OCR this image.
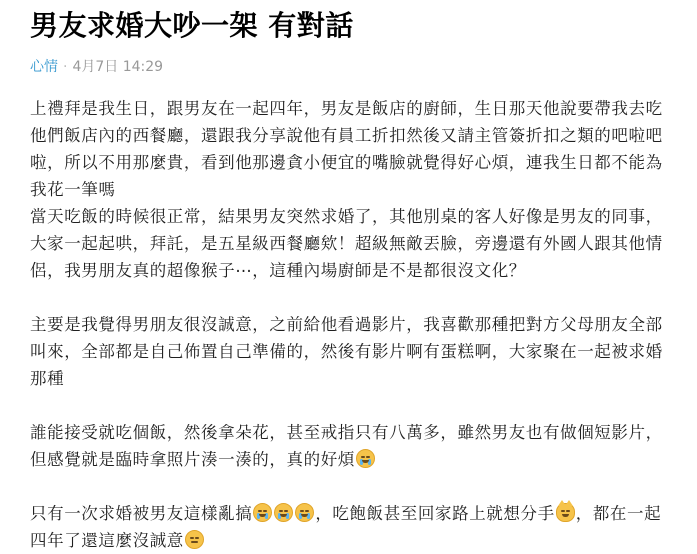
男友求婚大吵一架 有對話
心情 · 4月7日 14:29

上禮拜是我生日，跟男友在一起四年，男友是飯店的廚師，生日那天他說要帶我去吃他們飯店內的西餐廳，還跟我分享說他有員工折扣然後又請主管簽折扣之類的吧啦吧啦，所以不用那麼貴，看到他那邊貪小便宜的嘴臉就覺得好心煩，連我生日都不能為我花一筆嗎

當天吃飯的時候很正常，結果男友突然求婚了，其他別桌的客人好像是男友的同事，大家一起起哄，拜託，是五星級西餐廳欸！超級無敵丟臉，旁邊還有外國人跟其他情侶，我男朋友真的超像猴子⋯，這種內場廚師是不是都很沒文化？

主要是我覺得男朋友很沒誠意，之前給他看過影片，我喜歡那種把對方父母朋友全部叫來，全部都是自己佈置自己準備的，然後有影片啊有蛋糕啊，大家聚在一起被求婚那種

誰能接受就吃個飯，然後拿朵花，甚至戒指只有八萬多，雖然男友也有做個短影片，但感覺就是臨時拿照片湊一湊的，真的好煩

只有一次求婚被男友這樣亂搞	，吃飽飯甚至回家路上就想分手 ，都在一起四年了還這麼沒誠意
